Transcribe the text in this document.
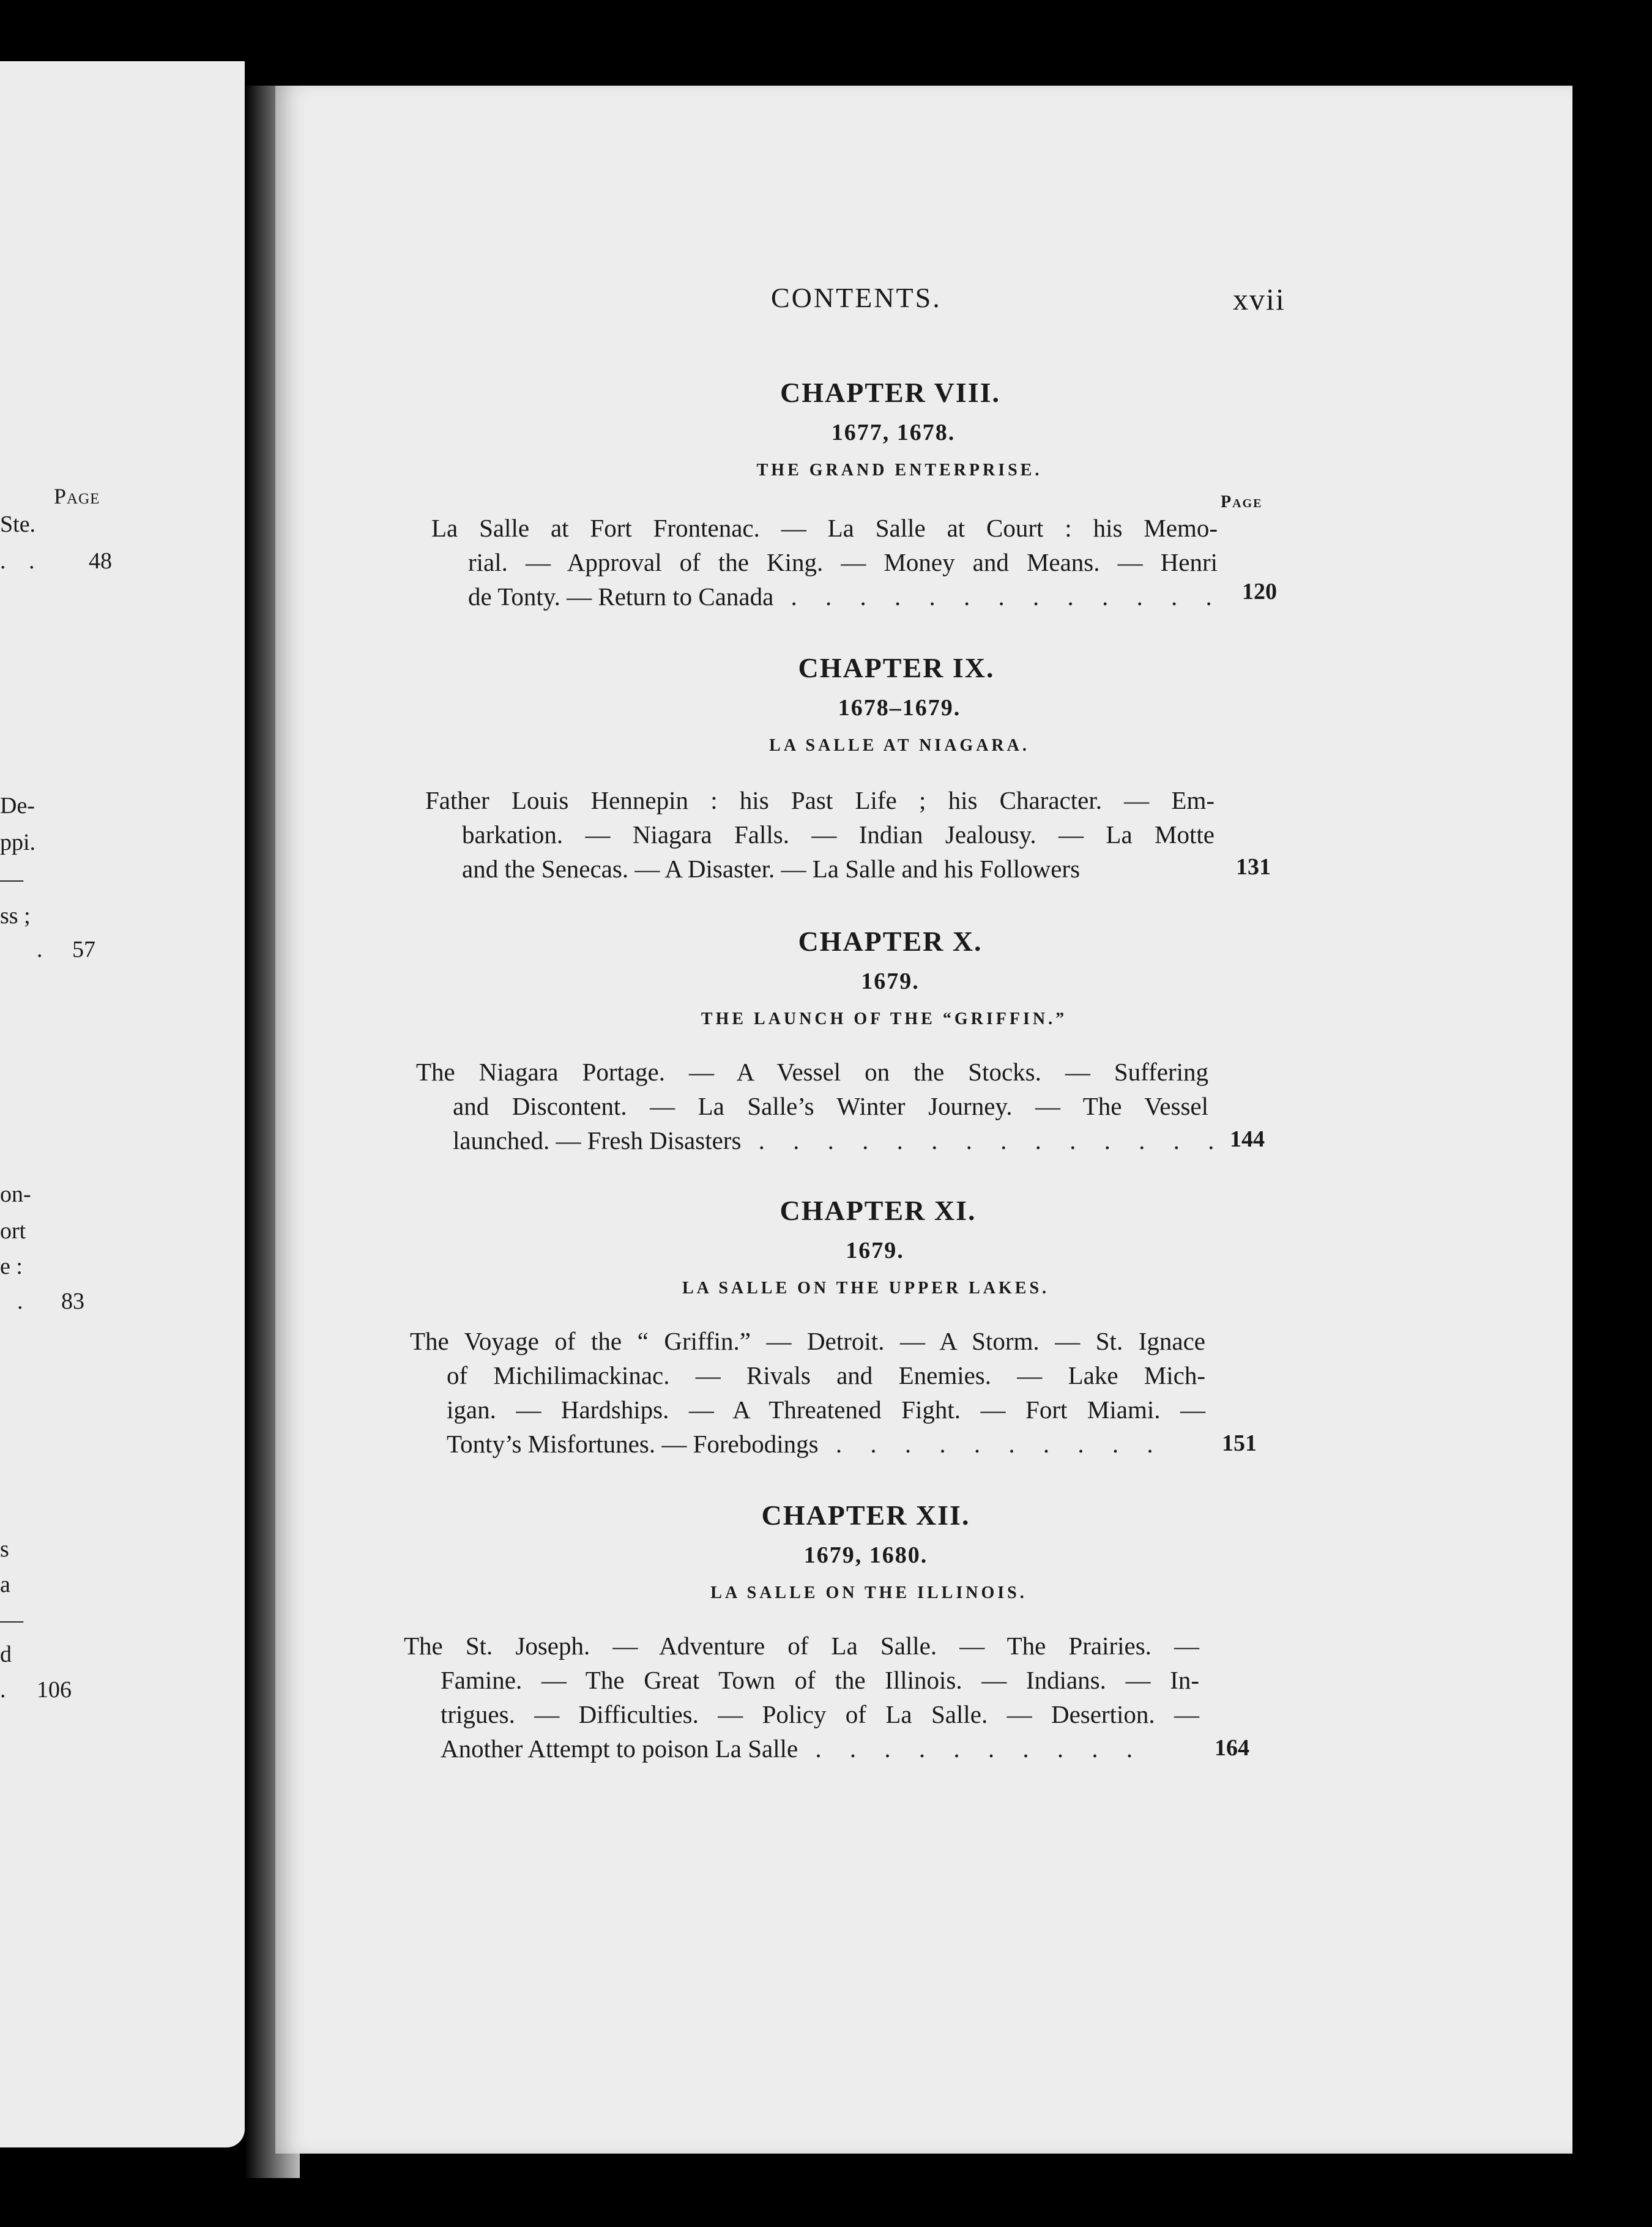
Page
Ste.
. . 48
De-
ppi.
—
ss ;
. 57
on-
ort
e :
. 83
s
a
—
d
. 106
CONTENTS.	xvii
CHAPTER VIII.
1677, 1678.
THE GRAND ENTERPRISE.
Page
La Salle at Fort Frontenac. — La Salle at Court : his Memo-
rial. — Approval of the King. — Money and Means. — Henri
de Tonty. — Return to Canada . . . . . . . . . . . . . 120
CHAPTER IX.
1678–1679.
LA SALLE AT NIAGARA.
Father Louis Hennepin : his Past Life ; his Character. — Em-
barkation. — Niagara Falls. — Indian Jealousy. — La Motte
and the Senecas. — A Disaster. — La Salle and his Followers	131
CHAPTER X.
1679.
THE LAUNCH OF THE “GRIFFIN.”
The Niagara Portage. — A Vessel on the Stocks. — Suffering
and Discontent. — La Salle’s Winter Journey. — The Vessel
launched. — Fresh Disasters . . . . . . . . . . . . . . 144
CHAPTER XI.
1679.
LA SALLE ON THE UPPER LAKES.
The Voyage of the “ Griffin.” — Detroit. — A Storm. — St. Ignace
of Michilimackinac. — Rivals and Enemies. — Lake Mich-
igan. — Hardships. — A Threatened Fight. — Fort Miami. —
Tonty’s Misfortunes. — Forebodings . . . . . . . . . .	151
CHAPTER XII.
1679, 1680.
LA SALLE ON THE ILLINOIS.
The St. Joseph. — Adventure of La Salle. — The Prairies. —
Famine. — The Great Town of the Illinois. — Indians. — In-
trigues. — Difficulties. — Policy of La Salle. — Desertion. —
Another Attempt to poison La Salle . . . . . . . . . .	164
